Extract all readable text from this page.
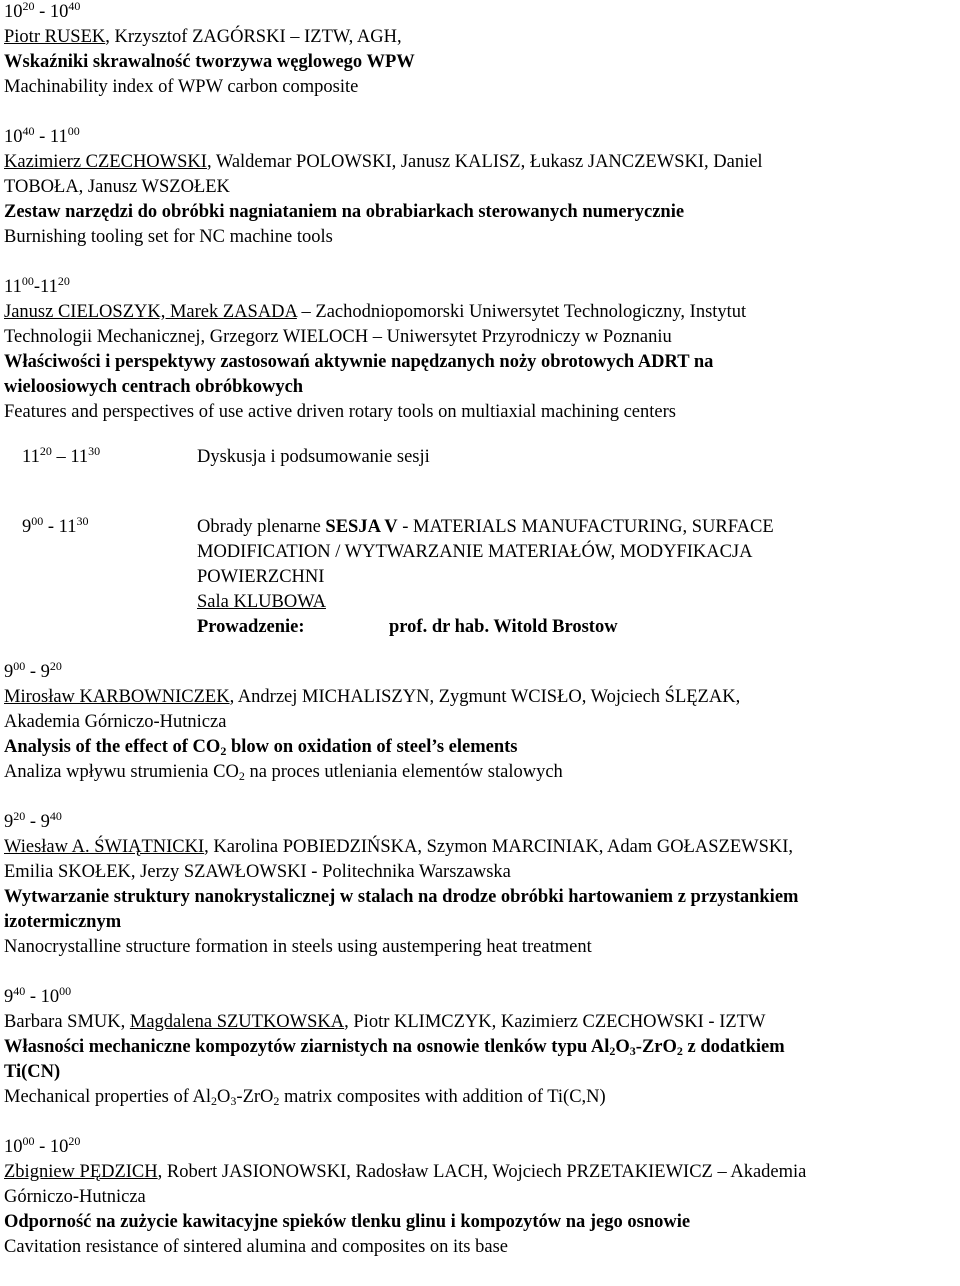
$10^{20} - 10^{40}$
Piotr RUSEK, Krzysztof ZAGÓRSKI – IZTW, AGH,
Wskaźniki skrawalność tworzywa węglowego WPW
Machinability index of WPW carbon composite
$10^{40} - 11^{00}$
Kazimierz CZECHOWSKI, Waldemar POLOWSKI, Janusz KALISZ, Łukasz JANCZEWSKI, Daniel
TOBOŁA, Janusz WSZOŁEK
Zestaw narzędzi do obróbki nagniataniem na obrabiarkach sterowanych numerycznie
Burnishing tooling set for NC machine tools
$11^{00}-11^{20}$
Janusz CIELOSZYK, Marek ZASADA – Zachodniopomorski Uniwersytet Technologiczny, Instytut
Technologii Mechanicznej, Grzegorz WIELOCH – Uniwersytet Przyrodniczy w Poznaniu
Właściwości i perspektywy zastosowań aktywnie napędzanych noży obrotowych ADRT na
wieloosiowych centrach obróbkowych
Features and perspectives of use active driven rotary tools on multiaxial machining centers
$11^{20} - 11^{30}$	Dyskusja i podsumowanie sesji
$9^{00} - 11^{30}$	Obrady plenarne SESJA V - MATERIALS MANUFACTURING, SURFACE
MODIFICATION / WYTWARZANIE MATERIAŁÓW, MODYFIKACJA
POWIERZCHNI
Sala KLUBOWA
Prowadzenie:	prof. dr hab. Witold Brostow
$9^{00} - 9^{20}$
Mirosław KARBOWNICZEK, Andrzej MICHALISZYN, Zygmunt WCISŁO, Wojciech ŚLĘZAK,
Akademia Górniczo-Hutnicza
Analysis of the effect of $CO_2$ blow on oxidation of steel’s elements
Analiza wpływu strumienia $CO_2$ na proces utleniania elementów stalowych
$9^{20} - 9^{40}$
Wiesław A. ŚWIĄTNICKI, Karolina POBIEDZIŃSKA, Szymon MARCINIAK, Adam GOŁASZEWSKI,
Emilia SKOŁEK, Jerzy SZAWŁOWSKI - Politechnika Warszawska
Wytwarzanie struktury nanokrystalicznej w stalach na drodze obróbki hartowaniem z przystankiem
izotermicznym
Nanocrystalline structure formation in steels using austempering heat treatment
$9^{40} - 10^{00}$
Barbara SMUK, Magdalena SZUTKOWSKA, Piotr KLIMCZYK, Kazimierz CZECHOWSKI - IZTW
Własności mechaniczne kompozytów ziarnistych na osnowie tlenków typu $Al_2O_3-ZrO_2$ z dodatkiem
Ti(CN)
Mechanical properties of $Al_2O_3-ZrO_2$ matrix composites with addition of Ti(C,N)
$10^{00} - 10^{20}$
Zbigniew PĘDZICH, Robert JASIONOWSKI, Radosław LACH, Wojciech PRZETAKIEWICZ – Akademia
Górniczo-Hutnicza
Odporność na zużycie kawitacyjne spieków tlenku glinu i kompozytów na jego osnowie
Cavitation resistance of sintered alumina and composites on its base
